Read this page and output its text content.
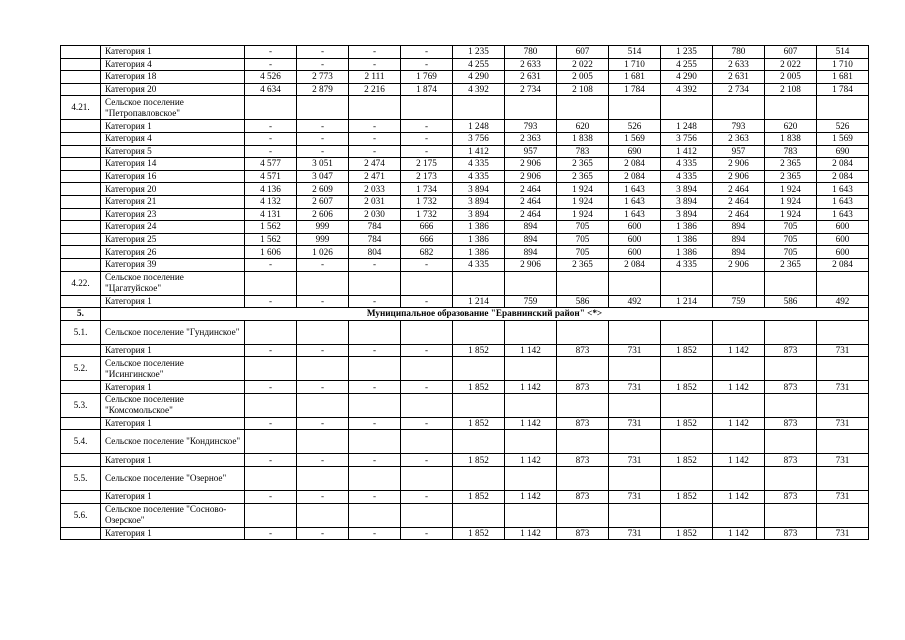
	Категория 1	-	-	-	-	1 235	780	607	514	1 235	780	607	514
	Категория 4	-	-	-	-	4 255	2 633	2 022	1 710	4 255	2 633	2 022	1 710
	Категория 18	4 526	2 773	2 111	1 769	4 290	2 631	2 005	1 681	4 290	2 631	2 005	1 681
	Категория 20	4 634	2 879	2 216	1 874	4 392	2 734	2 108	1 784	4 392	2 734	2 108	1 784
4.21.	Сельское поселение "Петропавловское"												
	Категория 1	-	-	-	-	1 248	793	620	526	1 248	793	620	526
	Категория 4	-	-	-	-	3 756	2 363	1 838	1 569	3 756	2 363	1 838	1 569
	Категория 5	-	-	-	-	1 412	957	783	690	1 412	957	783	690
	Категория 14	4 577	3 051	2 474	2 175	4 335	2 906	2 365	2 084	4 335	2 906	2 365	2 084
	Категория 16	4 571	3 047	2 471	2 173	4 335	2 906	2 365	2 084	4 335	2 906	2 365	2 084
	Категория 20	4 136	2 609	2 033	1 734	3 894	2 464	1 924	1 643	3 894	2 464	1 924	1 643
	Категория 21	4 132	2 607	2 031	1 732	3 894	2 464	1 924	1 643	3 894	2 464	1 924	1 643
	Категория 23	4 131	2 606	2 030	1 732	3 894	2 464	1 924	1 643	3 894	2 464	1 924	1 643
	Категория 24	1 562	999	784	666	1 386	894	705	600	1 386	894	705	600
	Категория 25	1 562	999	784	666	1 386	894	705	600	1 386	894	705	600
	Категория 26	1 606	1 026	804	682	1 386	894	705	600	1 386	894	705	600
	Категория 39	-	-	-	-	4 335	2 906	2 365	2 084	4 335	2 906	2 365	2 084
4.22.	Сельское поселение "Цагатуйское"												
	Категория 1	-	-	-	-	1 214	759	586	492	1 214	759	586	492
5.	Муниципальное образование "Еравнинский район" <*>												
5.1.	Сельское поселение "Гундинское"												
	Категория 1	-	-	-	-	1 852	1 142	873	731	1 852	1 142	873	731
5.2.	Сельское поселение "Исингинское"												
	Категория 1	-	-	-	-	1 852	1 142	873	731	1 852	1 142	873	731
5.3.	Сельское поселение "Комсомольское"												
	Категория 1	-	-	-	-	1 852	1 142	873	731	1 852	1 142	873	731
5.4.	Сельское поселение "Кондинское"												
	Категория 1	-	-	-	-	1 852	1 142	873	731	1 852	1 142	873	731
5.5.	Сельское поселение "Озерное"												
	Категория 1	-	-	-	-	1 852	1 142	873	731	1 852	1 142	873	731
5.6.	Сельское поселение "Сосново-Озерское"												
	Категория 1	-	-	-	-	1 852	1 142	873	731	1 852	1 142	873	731
